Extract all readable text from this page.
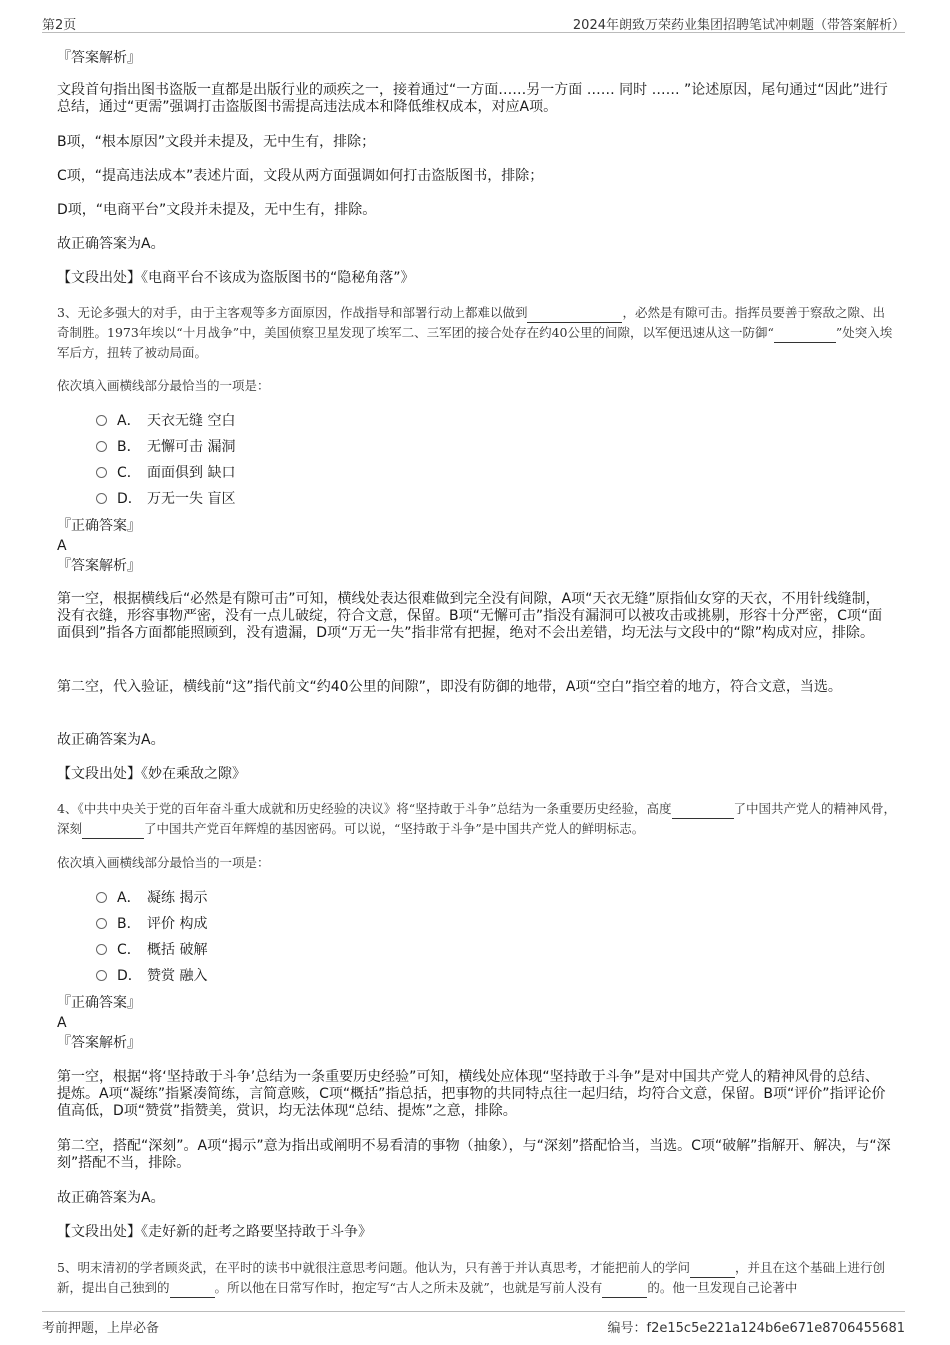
第2页	2024年朗致万荣药业集团招聘笔试冲刺题（带答案解析）
『答案解析』
文段首句指出图书盗版一直都是出版行业的顽疾之一，接着通过“一方面……另一方面 …… 同时 …… ”论述原因，尾句通过“因此”进行总结，通过“更需”强调打击盗版图书需提高违法成本和降低维权成本，对应A项。
B项，“根本原因”文段并未提及，无中生有，排除；
C项，“提高违法成本”表述片面，文段从两方面强调如何打击盗版图书，排除；
D项，“电商平台”文段并未提及，无中生有，排除。
故正确答案为A。
【文段出处】《电商平台不该成为盗版图书的“隐秘角落”》
3、无论多强大的对手，由于主客观等多方面原因，作战指导和部署行动上都难以做到	，必然是有隙可击。指挥员要善于察敌之隙、出奇制胜。1973年埃以“十月战争”中，美国侦察卫星发现了埃军二、三军团的接合处存在约40公里的间隙，以军便迅速从这一防御“	”处突入埃军后方，扭转了被动局面。
依次填入画横线部分最恰当的一项是：
A． 天衣无缝 空白
B． 无懈可击 漏洞
C． 面面俱到 缺口
D． 万无一失 盲区
『正确答案』
A
『答案解析』
第一空，根据横线后“必然是有隙可击”可知，横线处表达很难做到完全没有间隙，A项“天衣无缝”原指仙女穿的天衣，不用针线缝制，没有衣缝，形容事物严密，没有一点儿破绽，符合文意，保留。B项“无懈可击”指没有漏洞可以被攻击或挑剔，形容十分严密，C项“面面俱到”指各方面都能照顾到，没有遗漏，D项“万无一失”指非常有把握，绝对不会出差错，均无法与文段中的“隙”构成对应，排除。
第二空，代入验证，横线前“这”指代前文“约40公里的间隙”，即没有防御的地带，A项“空白”指空着的地方，符合文意，当选。
故正确答案为A。
【文段出处】《妙在乘敌之隙》
4、《中共中央关于党的百年奋斗重大成就和历史经验的决议》将“坚持敢于斗争”总结为一条重要历史经验，高度	了中国共产党人的精神风骨，深刻	了中国共产党百年辉煌的基因密码。可以说，“坚持敢于斗争”是中国共产党人的鲜明标志。
依次填入画横线部分最恰当的一项是：
A． 凝练 揭示
B． 评价 构成
C． 概括 破解
D． 赞赏 融入
『正确答案』
A
『答案解析』
第一空，根据“将‘坚持敢于斗争’总结为一条重要历史经验”可知，横线处应体现“坚持敢于斗争”是对中国共产党人的精神风骨的总结、提炼。A项“凝练”指紧凑简练，言简意赅，C项“概括”指总括，把事物的共同特点往一起归结，均符合文意，保留。B项“评价”指评论价值高低，D项“赞赏”指赞美，赏识，均无法体现“总结、提炼”之意，排除。
第二空，搭配“深刻”。A项“揭示”意为指出或阐明不易看清的事物（抽象），与“深刻”搭配恰当，当选。C项“破解”指解开、解决，与“深刻”搭配不当，排除。
故正确答案为A。
【文段出处】《走好新的赶考之路要坚持敢于斗争》
5、明末清初的学者顾炎武，在平时的读书中就很注意思考问题。他认为，只有善于并认真思考，才能把前人的学问	，并且在这个基础上进行创新，提出自己独到的	。所以他在日常写作时，抱定写“古人之所未及就”，也就是写前人没有	的。他一旦发现自己论著中
考前押题，上岸必备	编号：f2e15c5e221a124b6e671e8706455681
